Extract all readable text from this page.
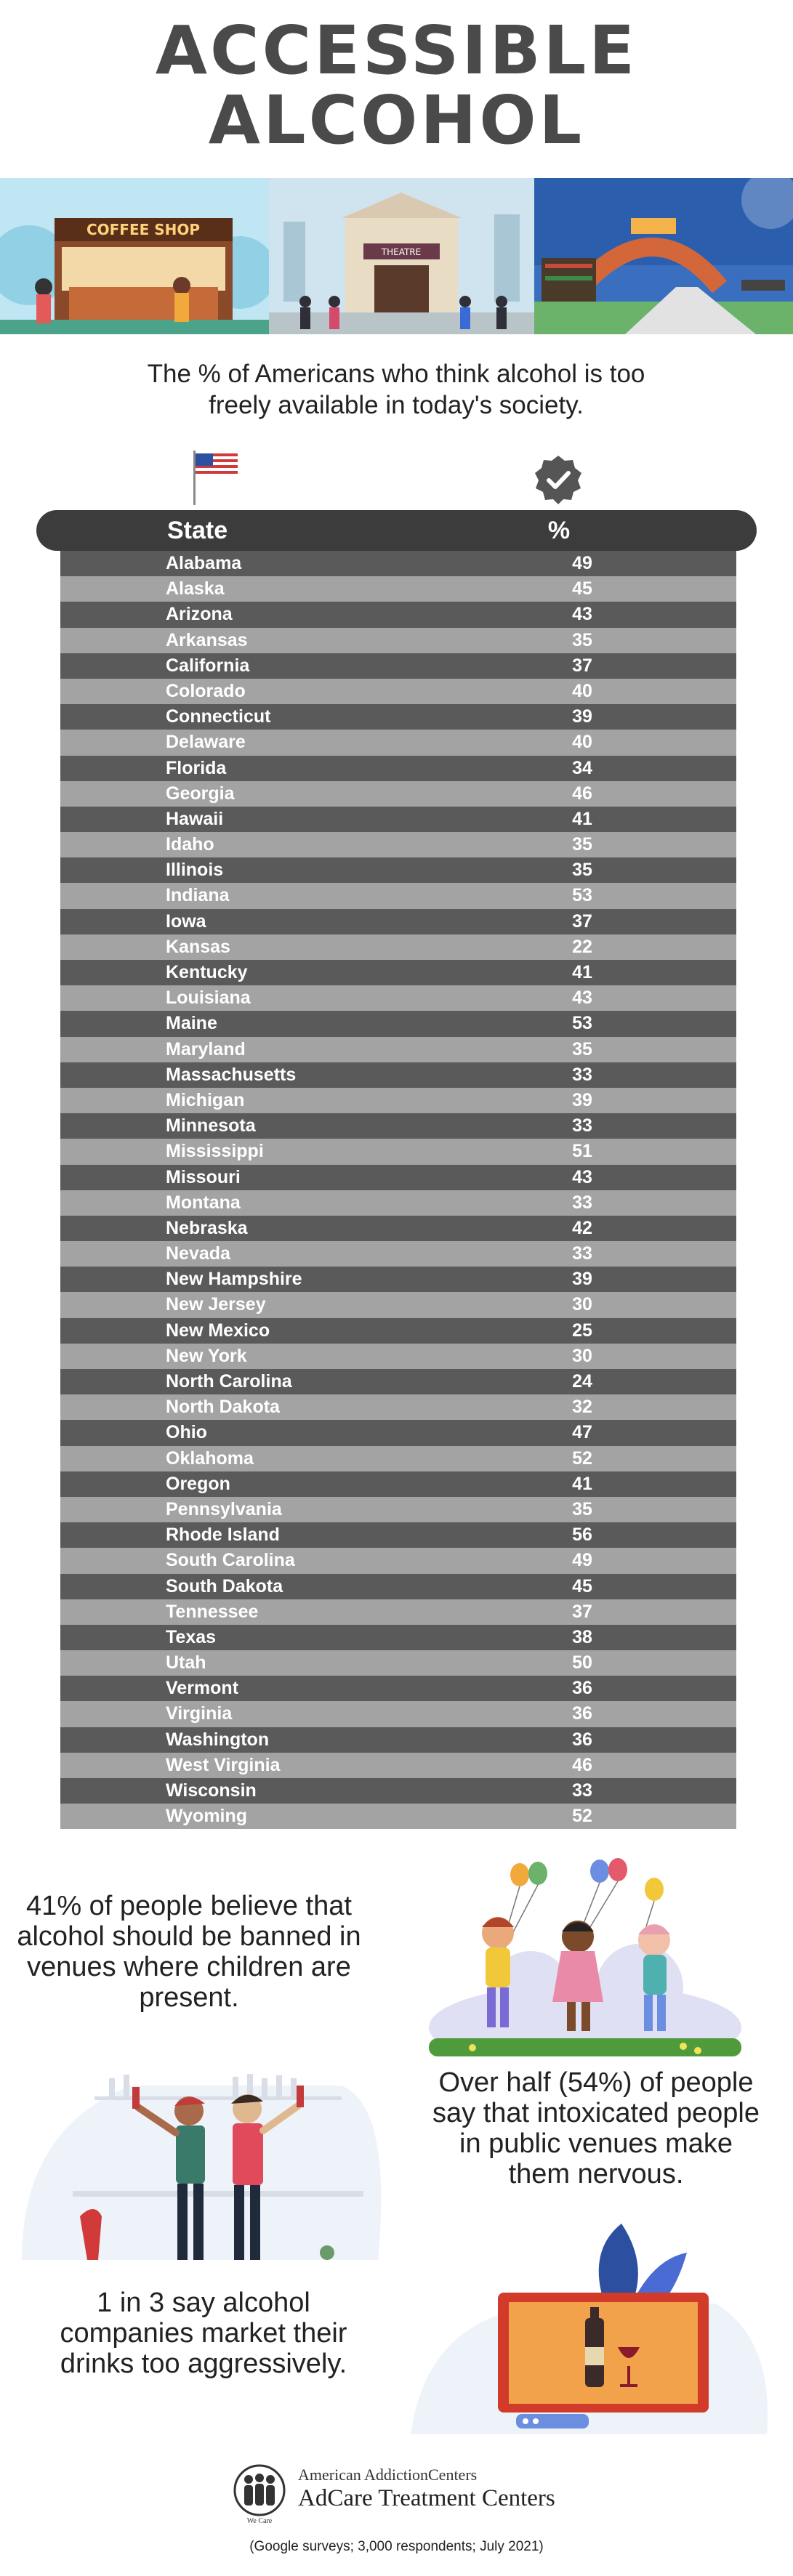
ACCESSIBLE
ALCOHOL
COFFEE SHOP
THEATRE
The % of Americans who think alcohol is too freely available in today's society.
State	%
Alabama	49
Alaska	45
Arizona	43
Arkansas	35
California	37
Colorado	40
Connecticut	39
Delaware	40
Florida	34
Georgia	46
Hawaii	41
Idaho	35
Illinois	35
Indiana	53
Iowa	37
Kansas	22
Kentucky	41
Louisiana	43
Maine	53
Maryland	35
Massachusetts	33
Michigan	39
Minnesota	33
Mississippi	51
Missouri	43
Montana	33
Nebraska	42
Nevada	33
New Hampshire	39
New Jersey	30
New Mexico	25
New York	30
North Carolina	24
North Dakota	32
Ohio	47
Oklahoma	52
Oregon	41
Pennsylvania	35
Rhode Island	56
South Carolina	49
South Dakota	45
Tennessee	37
Texas	38
Utah	50
Vermont	36
Virginia	36
Washington	36
West Virginia	46
Wisconsin	33
Wyoming	52
41% of people believe that alcohol should be banned in venues where children are present.
Over half (54%) of people say that intoxicated people in public venues make them nervous.
1 in 3 say alcohol companies market their drinks too aggressively.
We Care
American AddictionCenters
AdCare Treatment Centers
(Google surveys; 3,000 respondents; July 2021)
